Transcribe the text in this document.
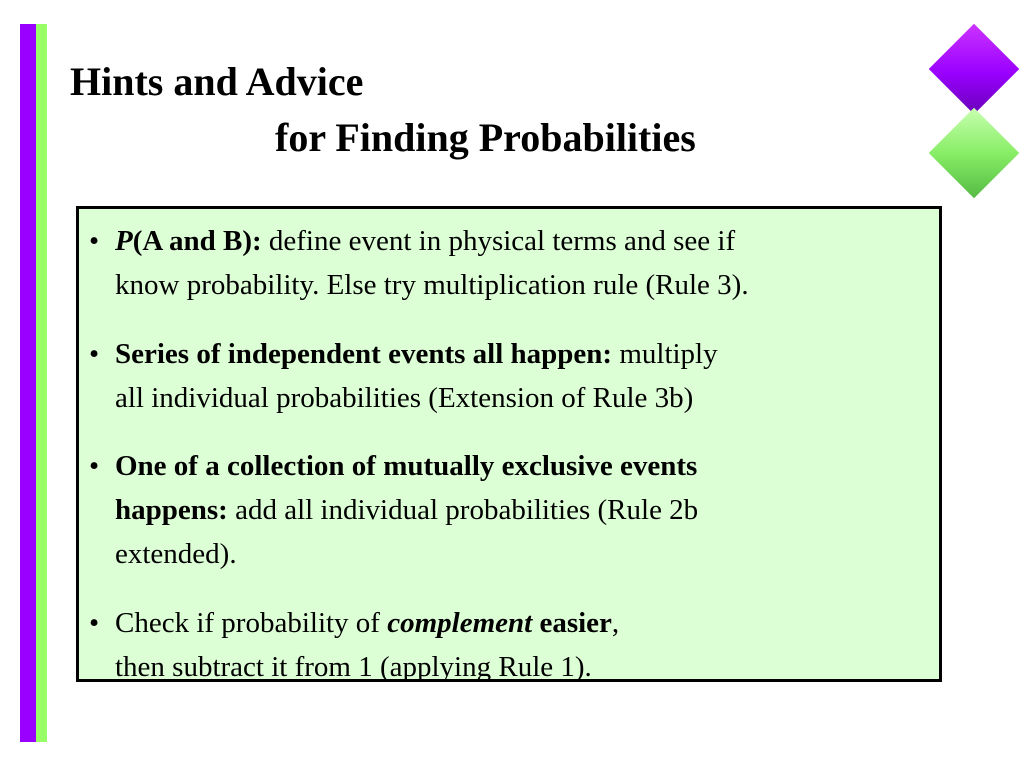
Hints and Advice
for Finding Probabilities
• P(A and B): define event in physical terms and see if
know probability. Else try multiplication rule (Rule 3).
• Series of independent events all happen: multiply
all individual probabilities (Extension of Rule 3b)
• One of a collection of mutually exclusive events
happens: add all individual probabilities (Rule 2b
extended).
• Check if probability of complement easier,
then subtract it from 1 (applying Rule 1).
